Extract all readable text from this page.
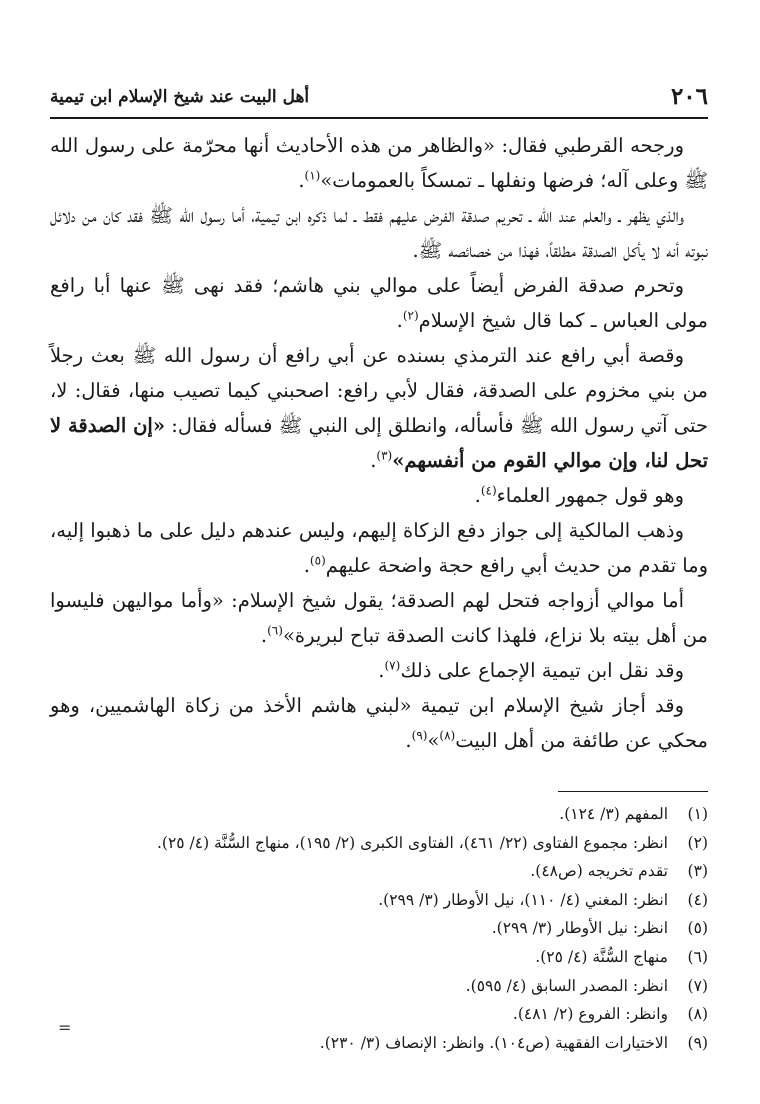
٢٠٦
أهل البيت عند شيخ الإسلام ابن تيمية

ورجحه القرطبي فقال: «والظاهر من هذه الأحاديث أنها محرّمة على رسول الله ﷺ وعلى آله؛ فرضها ونفلها ـ تمسكاً بالعمومات»$^{(١)}$.

والذي يظهر ـ والعلم عند الله ـ تحريم صدقة الفرض عليهم فقط ـ لما ذكره ابن تيمية، أما رسول الله ﷺ فقد كان من دلائل نبوته أنه لا يأكل الصدقة مطلقاً، فهذا من خصائصه ﷺ.

وتحرم صدقة الفرض أيضاً على موالي بني هاشم؛ فقد نهى ﷺ عنها أبا رافع مولى العباس ـ كما قال شيخ الإسلام$^{(٢)}$.

وقصة أبي رافع عند الترمذي بسنده عن أبي رافع أن رسول الله ﷺ بعث رجلاً من بني مخزوم على الصدقة، فقال لأبي رافع: اصحبني كيما تصيب منها، فقال: لا، حتى آتي رسول الله ﷺ فأسأله، وانطلق إلى النبي ﷺ فسأله فقال: «إن الصدقة لا تحل لنا، وإن موالي القوم من أنفسهم»$^{(٣)}$.

وهو قول جمهور العلماء$^{(٤)}$.

وذهب المالكية إلى جواز دفع الزكاة إليهم، وليس عندهم دليل على ما ذهبوا إليه، وما تقدم من حديث أبي رافع حجة واضحة عليهم$^{(٥)}$.

أما موالي أزواجه فتحل لهم الصدقة؛ يقول شيخ الإسلام: «وأما مواليهن فليسوا من أهل بيته بلا نزاع، فلهذا كانت الصدقة تباح لبريرة»$^{(٦)}$.

وقد نقل ابن تيمية الإجماع على ذلك$^{(٧)}$.

وقد أجاز شيخ الإسلام ابن تيمية «لبني هاشم الأخذ من زكاة الهاشميين، وهو محكي عن طائفة من أهل البيت$^{(٨)}$»$^{(٩)}$.

(١)
المفهم (٣/ ١٢٤).
(٢)
انظر: مجموع الفتاوى (٢٢/ ٤٦١)، الفتاوى الكبرى (٢/ ١٩٥)، منهاج السُّنَّة (٤/ ٢٥).
(٣)
تقدم تخريجه (ص٤٨).
(٤)
انظر: المغني (٤/ ١١٠)، نيل الأوطار (٣/ ٢٩٩).
(٥)
انظر: نيل الأوطار (٣/ ٢٩٩).
(٦)
منهاج السُّنَّة (٤/ ٢٥).
(٧)
انظر: المصدر السابق (٤/ ٥٩٥).
(٨)
وانظر: الفروع (٢/ ٤٨١).
(٩)
الاختيارات الفقهية (ص١٠٤). وانظر: الإنصاف (٣/ ٢٣٠).
=
